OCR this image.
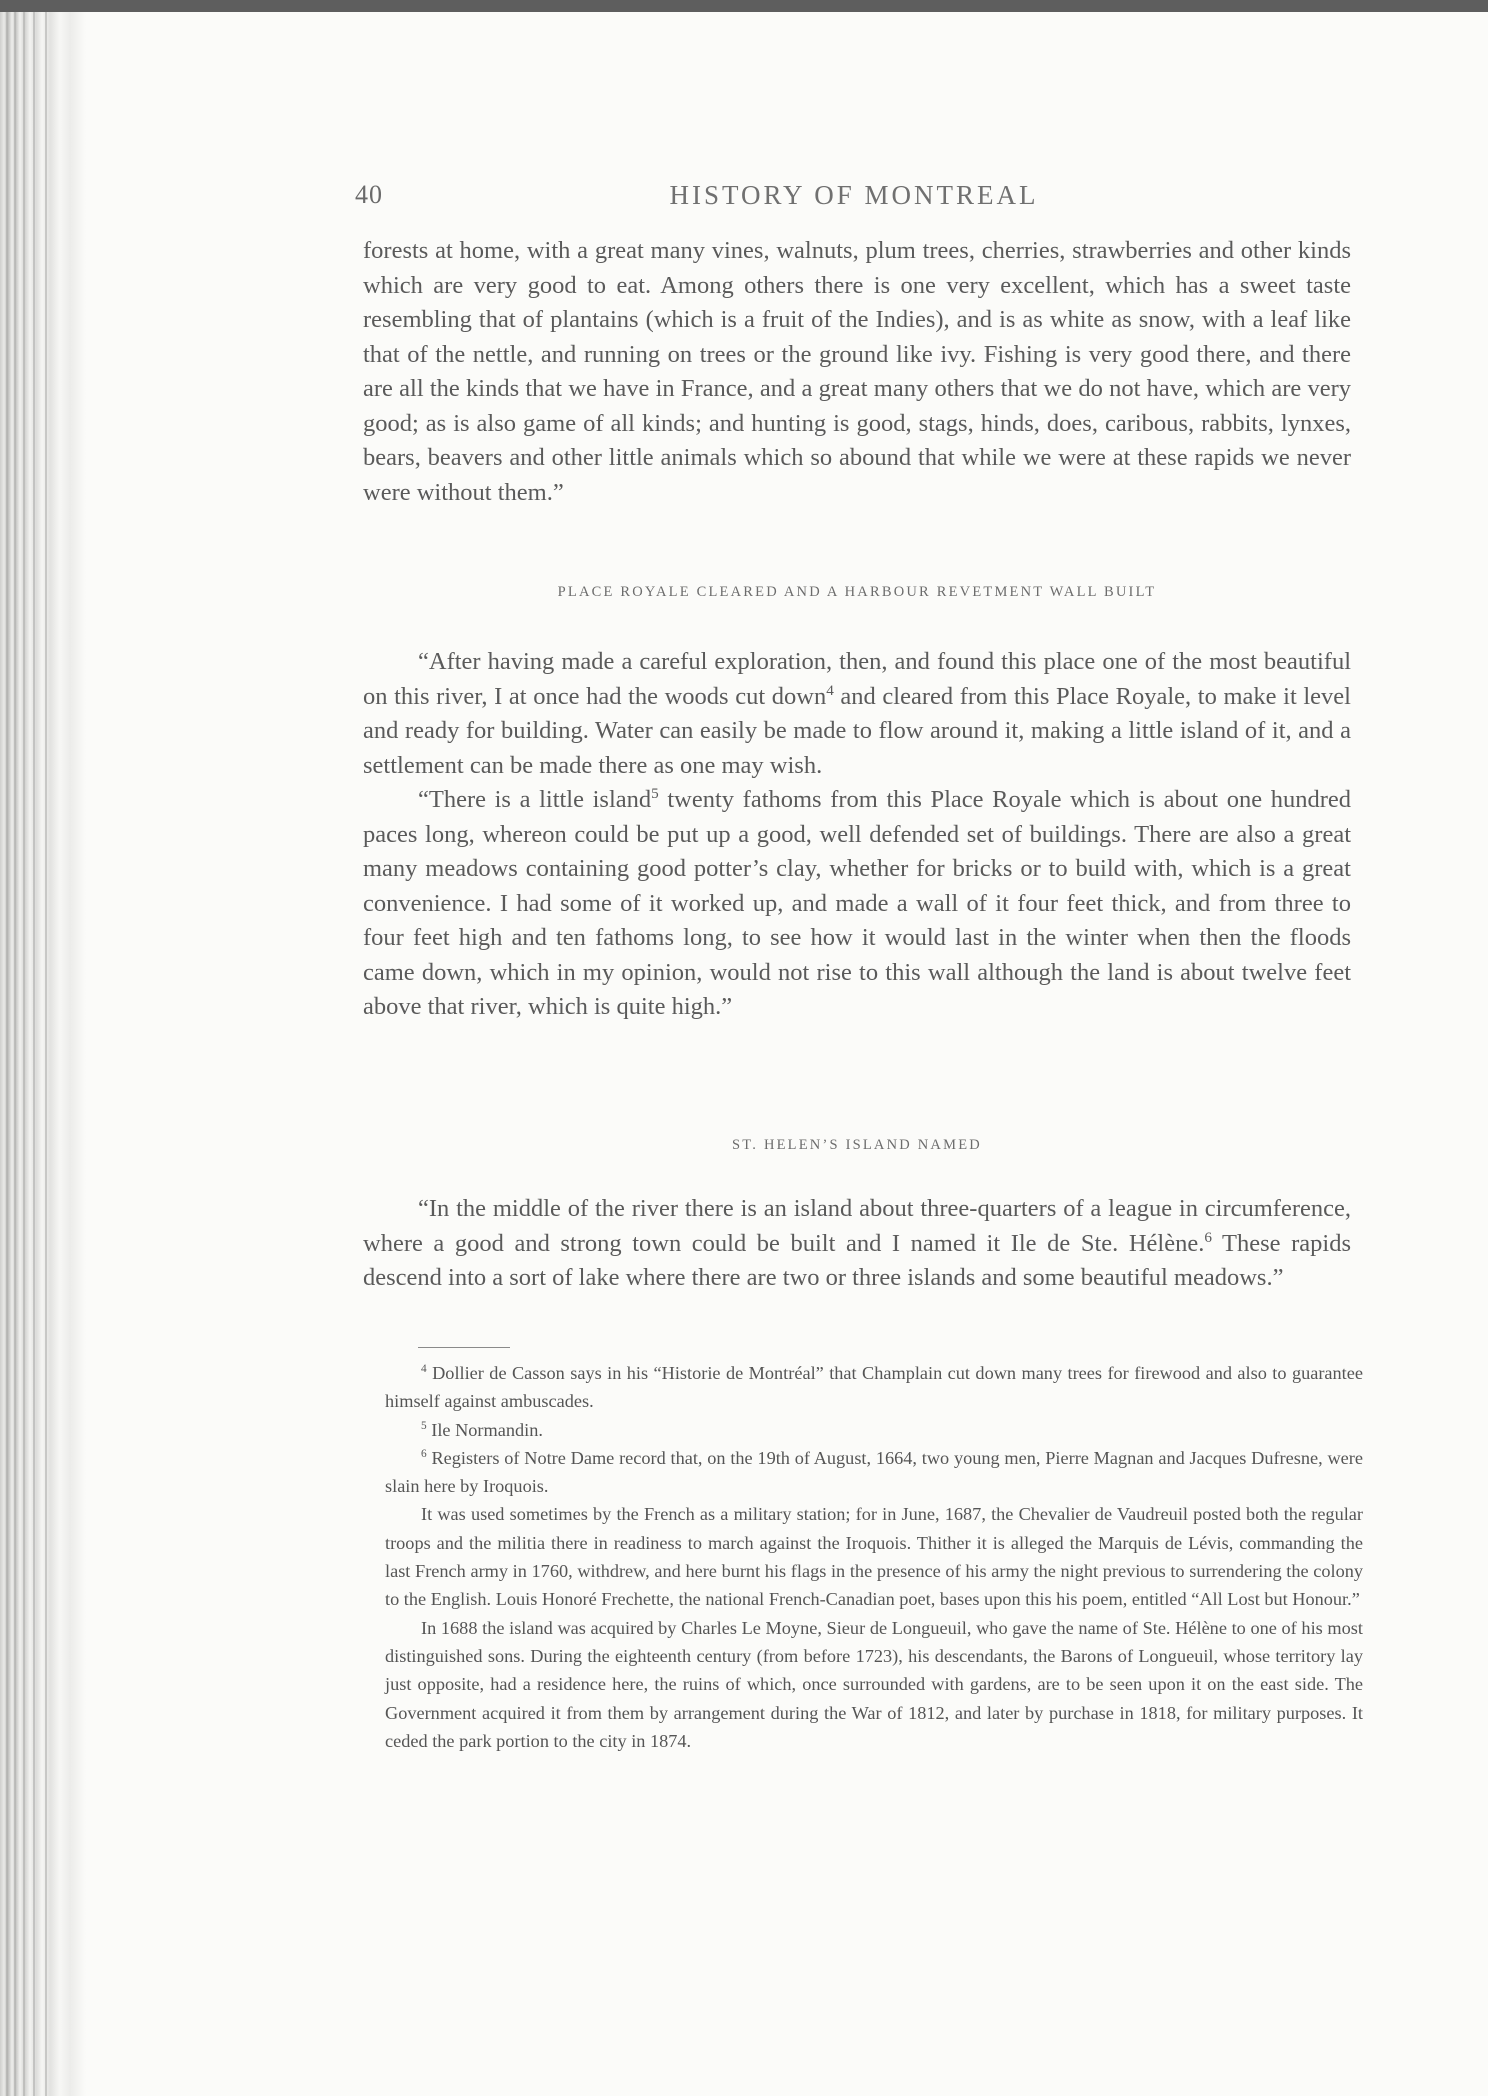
40	HISTORY OF MONTREAL

forests at home, with a great many vines, walnuts, plum trees, cherries, strawberries and other kinds which are very good to eat. Among others there is one very excellent, which has a sweet taste resembling that of plantains (which is a fruit of the Indies), and is as white as snow, with a leaf like that of the nettle, and running on trees or the ground like ivy. Fishing is very good there, and there are all the kinds that we have in France, and a great many others that we do not have, which are very good; as is also game of all kinds; and hunting is good, stags, hinds, does, caribous, rabbits, lynxes, bears, beavers and other little animals which so abound that while we were at these rapids we never were without them.”

PLACE ROYALE CLEARED AND A HARBOUR REVETMENT WALL BUILT

“After having made a careful exploration, then, and found this place one of the most beautiful on this river, I at once had the woods cut down$^4$ and cleared from this Place Royale, to make it level and ready for building. Water can easily be made to flow around it, making a little island of it, and a settlement can be made there as one may wish.

“There is a little island$^5$ twenty fathoms from this Place Royale which is about one hundred paces long, whereon could be put up a good, well defended set of buildings. There are also a great many meadows containing good potter’s clay, whether for bricks or to build with, which is a great convenience. I had some of it worked up, and made a wall of it four feet thick, and from three to four feet high and ten fathoms long, to see how it would last in the winter when then the floods came down, which in my opinion, would not rise to this wall although the land is about twelve feet above that river, which is quite high.”

ST. HELEN’S ISLAND NAMED

“In the middle of the river there is an island about three-quarters of a league in circumference, where a good and strong town could be built and I named it Ile de Ste. Hélène.$^6$ These rapids descend into a sort of lake where there are two or three islands and some beautiful meadows.”

$^4$ Dollier de Casson says in his “Historie de Montréal” that Champlain cut down many trees for firewood and also to guarantee himself against ambuscades.

$^5$ Ile Normandin.

$^6$ Registers of Notre Dame record that, on the 19th of August, 1664, two young men, Pierre Magnan and Jacques Dufresne, were slain here by Iroquois.

It was used sometimes by the French as a military station; for in June, 1687, the Chevalier de Vaudreuil posted both the regular troops and the militia there in readiness to march against the Iroquois. Thither it is alleged the Marquis de Lévis, commanding the last French army in 1760, withdrew, and here burnt his flags in the presence of his army the night previous to surrendering the colony to the English. Louis Honoré Frechette, the national French-Canadian poet, bases upon this his poem, entitled “All Lost but Honour.”

In 1688 the island was acquired by Charles Le Moyne, Sieur de Longueuil, who gave the name of Ste. Hélène to one of his most distinguished sons. During the eighteenth century (from before 1723), his descendants, the Barons of Longueuil, whose territory lay just opposite, had a residence here, the ruins of which, once surrounded with gardens, are to be seen upon it on the east side. The Government acquired it from them by arrangement during the War of 1812, and later by purchase in 1818, for military purposes. It ceded the park portion to the city in 1874.
